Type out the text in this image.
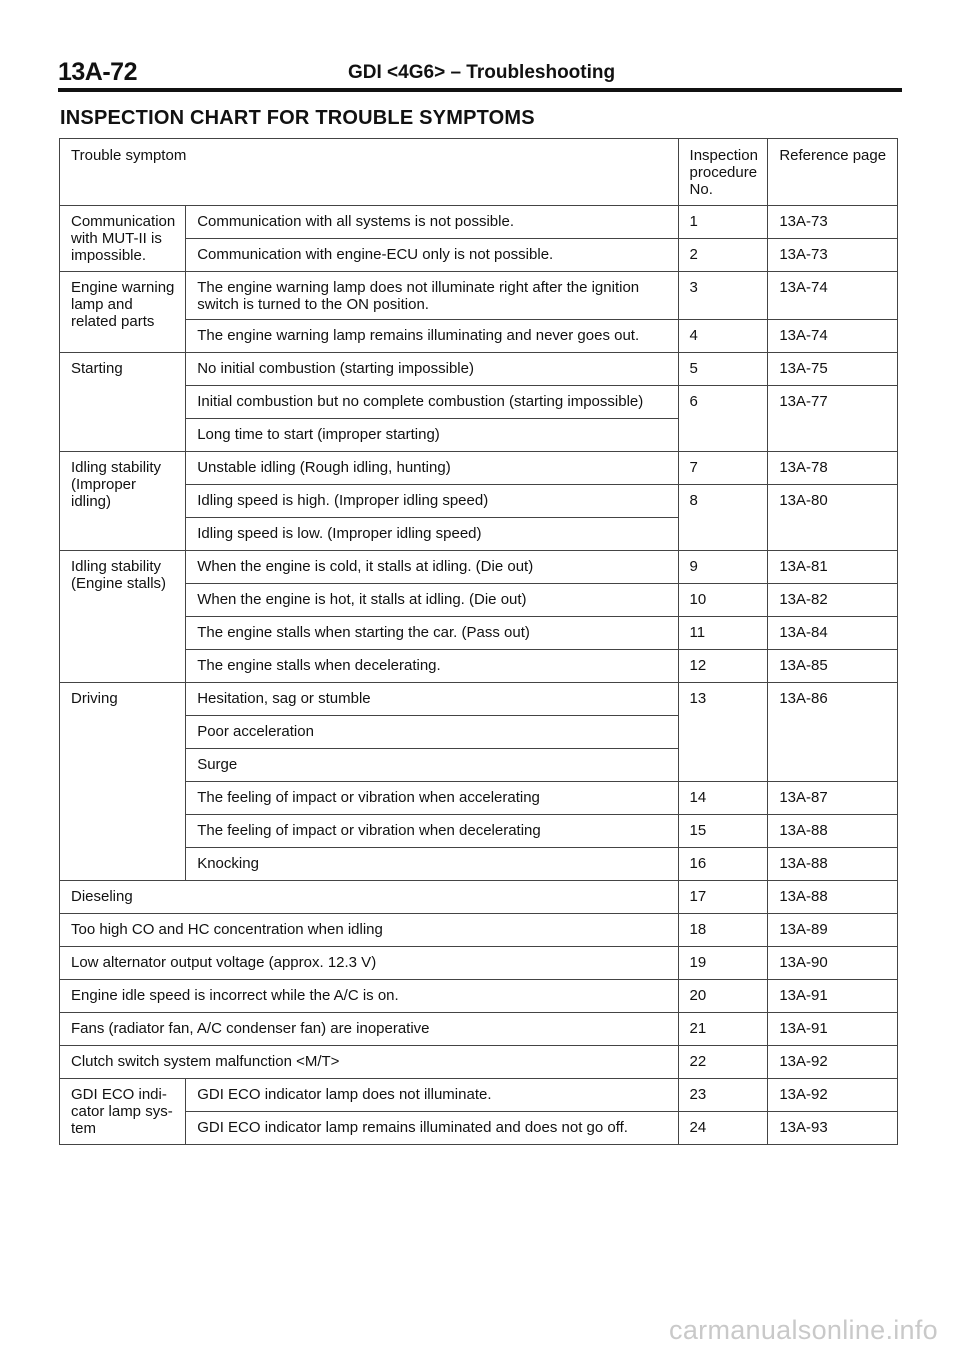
13A-72	GDI <4G6> – Troubleshooting
INSPECTION CHART FOR TROUBLE SYMPTOMS
Trouble symptom		Inspection procedure No.	Reference page
Communication with MUT-II is impossible.	Communication with all systems is not possible.	1	13A-73
	Communication with engine-ECU only is not possible.	2	13A-73
Engine warning lamp and related parts	The engine warning lamp does not illuminate right after the ignition switch is turned to the ON position.	3	13A-74
	The engine warning lamp remains illuminating and never goes out.	4	13A-74
Starting	No initial combustion (starting impossible)	5	13A-75
	Initial combustion but no complete combustion (starting impossible)	6	13A-77
	Long time to start (improper starting)		
Idling stability (Improper idling)	Unstable idling (Rough idling, hunting)	7	13A-78
	Idling speed is high. (Improper idling speed)	8	13A-80
	Idling speed is low. (Improper idling speed)		
Idling stability (Engine stalls)	When the engine is cold, it stalls at idling. (Die out)	9	13A-81
	When the engine is hot, it stalls at idling. (Die out)	10	13A-82
	The engine stalls when starting the car. (Pass out)	11	13A-84
	The engine stalls when decelerating.	12	13A-85
Driving	Hesitation, sag or stumble	13	13A-86
	Poor acceleration		
	Surge		
	The feeling of impact or vibration when accelerating	14	13A-87
	The feeling of impact or vibration when decelerating	15	13A-88
	Knocking	16	13A-88
Dieseling		17	13A-88
Too high CO and HC concentration when idling		18	13A-89
Low alternator output voltage (approx. 12.3 V)		19	13A-90
Engine idle speed is incorrect while the A/C is on.		20	13A-91
Fans (radiator fan, A/C condenser fan) are inoperative		21	13A-91
Clutch switch system malfunction <M/T>		22	13A-92
GDI ECO indi- cator lamp sys- tem	GDI ECO indicator lamp does not illuminate.	23	13A-92
	GDI ECO indicator lamp remains illuminated and does not go off.	24	13A-93
carmanualsonline.info
